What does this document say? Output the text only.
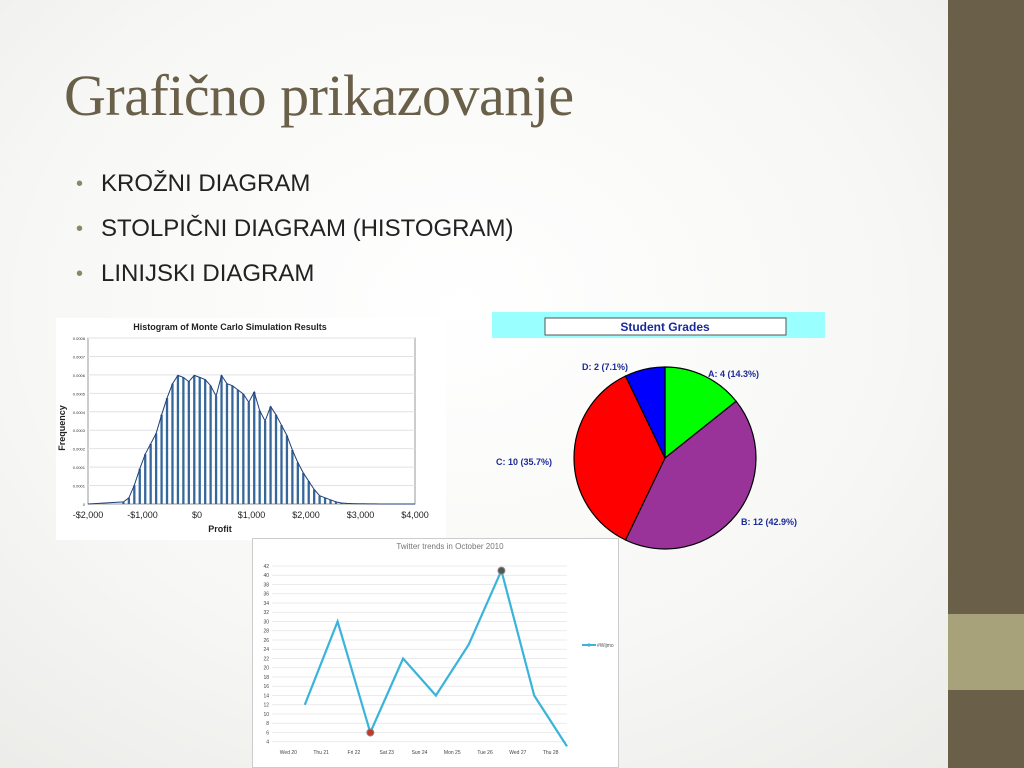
Grafično prikazovanje
• KROŽNI DIAGRAM
• STOLPIČNI DIAGRAM (HISTOGRAM)
• LINIJSKI DIAGRAM
Histogram of Monte Carlo Simulation Results
0
0.0001
0.0001
0.0002
0.0003
0.0004
0.0005
0.0006
0.0007
0.0008
-$2,000	-$1,000	$0	$1,000	$2,000	$3,000	$4,000
Profit
Frequency
Student Grades
A: 4 (14.3%)
B: 12 (42.9%)
C: 10 (35.7%)
D: 2 (7.1%)
Twitter trends in October 2010
4
6
8
10
12
14
16
18
20
22
24
26
28
30
32
34
36
38
40
42
Wed 20	Thu 21	Fri 22	Sat 23	Sun 24	Mon 25	Tue 26	Wed 27	Thu 28
#Wijmo
